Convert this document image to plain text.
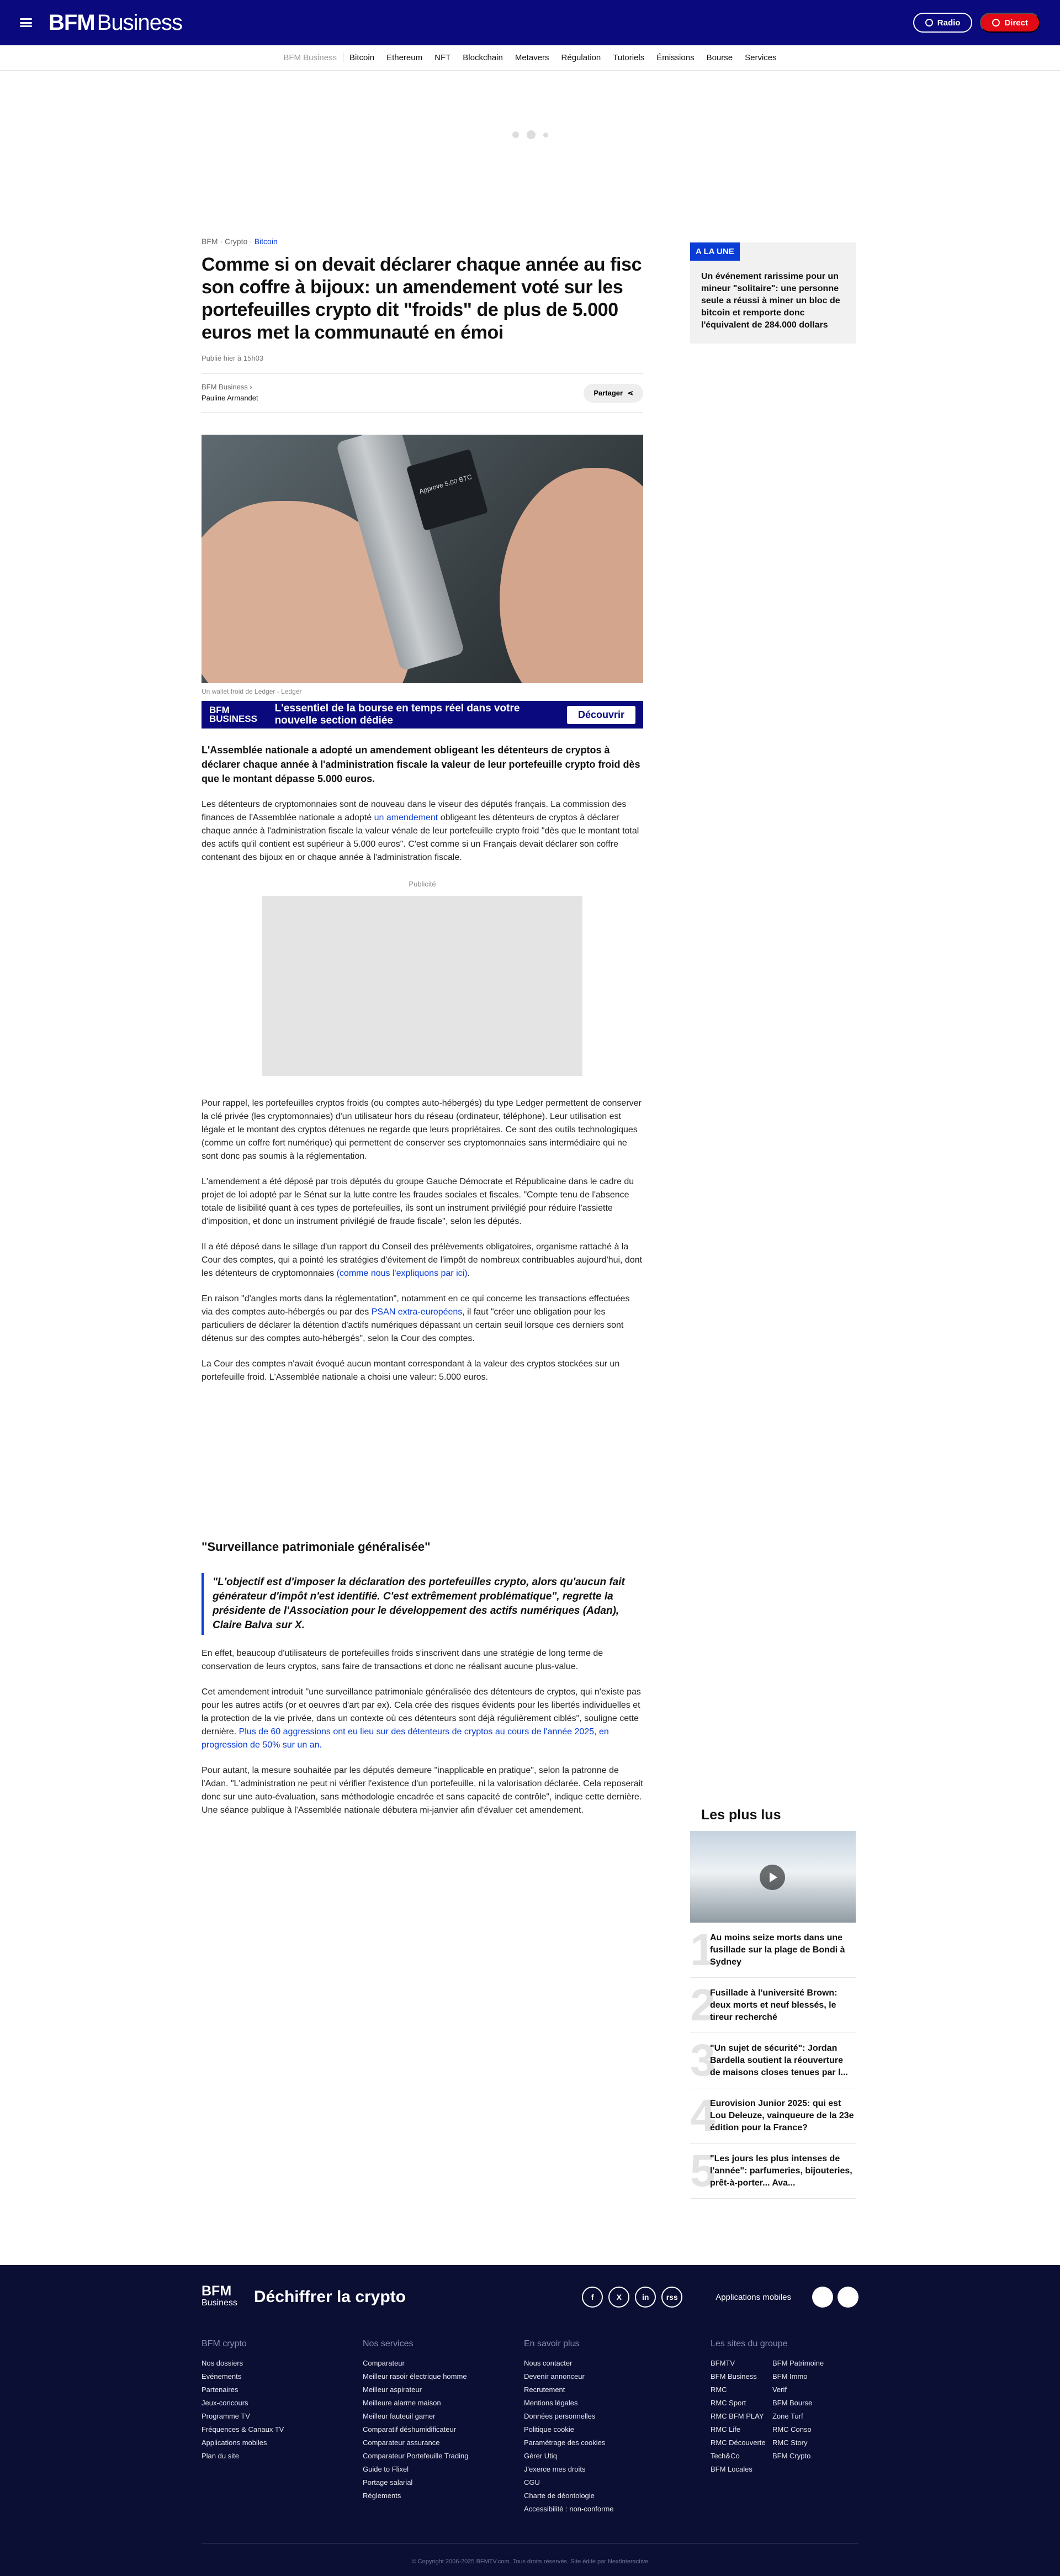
BFM Business	Radio	Direct
BFM Business	Bitcoin	Ethereum	NFT	Blockchain	Metavers	Régulation	Tutoriels	Émissions	Bourse	Services
BFM · Crypto · Bitcoin
Comme si on devait déclarer chaque année au fisc son coffre à bijoux: un amendement voté sur les portefeuilles crypto dit "froids" de plus de 5.000 euros met la communauté en émoi
Publié hier à 15h03
BFM Business ›
Pauline Armandet
Partager ⋖
Approve 5.00 BTC
Un wallet froid de Ledger - Ledger
BFM BUSINESS
L'essentiel de la bourse en temps réel dans votre nouvelle section dédiée
Découvrir

L'Assemblée nationale a adopté un amendement obligeant les détenteurs de cryptos à déclarer chaque année à l'administration fiscale la valeur de leur portefeuille crypto froid dès que le montant dépasse 5.000 euros.

Les détenteurs de cryptomonnaies sont de nouveau dans le viseur des députés français. La commission des finances de l'Assemblée nationale a adopté un amendement obligeant les détenteurs de cryptos à déclarer chaque année à l'administration fiscale la valeur vénale de leur portefeuille crypto froid "dès que le montant total des actifs qu'il contient est supérieur à 5.000 euros". C'est comme si un Français devait déclarer son coffre contenant des bijoux en or chaque année à l'administration fiscale.

Publicité

Pour rappel, les portefeuilles cryptos froids (ou comptes auto-hébergés) du type Ledger permettent de conserver la clé privée (les cryptomonnaies) d'un utilisateur hors du réseau (ordinateur, téléphone). Leur utilisation est légale et le montant des cryptos détenues ne regarde que leurs propriétaires. Ce sont des outils technologiques (comme un coffre fort numérique) qui permettent de conserver ses cryptomonnaies sans intermédiaire qui ne sont donc pas soumis à la réglementation.

L'amendement a été déposé par trois députés du groupe Gauche Démocrate et Républicaine dans le cadre du projet de loi adopté par le Sénat sur la lutte contre les fraudes sociales et fiscales. "Compte tenu de l'absence totale de lisibilité quant à ces types de portefeuilles, ils sont un instrument privilégié pour réduire l'assiette d'imposition, et donc un instrument privilégié de fraude fiscale", selon les députés.

Il a été déposé dans le sillage d'un rapport du Conseil des prélèvements obligatoires, organisme rattaché à la Cour des comptes, qui a pointé les stratégies d'évitement de l'impôt de nombreux contribuables aujourd'hui, dont les détenteurs de cryptomonnaies (comme nous l'expliquons par ici).

En raison "d'angles morts dans la réglementation", notamment en ce qui concerne les transactions effectuées via des comptes auto-hébergés ou par des PSAN extra-européens, il faut "créer une obligation pour les particuliers de déclarer la détention d'actifs numériques dépassant un certain seuil lorsque ces derniers sont détenus sur des comptes auto-hébergés", selon la Cour des comptes.

La Cour des comptes n'avait évoqué aucun montant correspondant à la valeur des cryptos stockées sur un portefeuille froid. L'Assemblée nationale a choisi une valeur: 5.000 euros.

"Surveillance patrimoniale généralisée"
"L'objectif est d'imposer la déclaration des portefeuilles crypto, alors qu'aucun fait générateur d'impôt n'est identifié. C'est extrêmement problématique", regrette la présidente de l'Association pour le développement des actifs numériques (Adan), Claire Balva sur X.

En effet, beaucoup d'utilisateurs de portefeuilles froids s'inscrivent dans une stratégie de long terme de conservation de leurs cryptos, sans faire de transactions et donc ne réalisant aucune plus-value.

Cet amendement introduit "une surveillance patrimoniale généralisée des détenteurs de cryptos, qui n'existe pas pour les autres actifs (or et oeuvres d'art par ex). Cela crée des risques évidents pour les libertés individuelles et la protection de la vie privée, dans un contexte où ces détenteurs sont déjà régulièrement ciblés", souligne cette dernière. Plus de 60 aggressions ont eu lieu sur des détenteurs de cryptos au cours de l'année 2025, en progression de 50% sur un an.

Pour autant, la mesure souhaitée par les députés demeure "inapplicable en pratique", selon la patronne de l'Adan. "L'administration ne peut ni vérifier l'existence d'un portefeuille, ni la valorisation déclarée. Cela reposerait donc sur une auto-évaluation, sans méthodologie encadrée et sans capacité de contrôle", indique cette dernière. Une séance publique à l'Assemblée nationale débutera mi-janvier afin d'évaluer cet amendement.

A LA UNE

Un événement rarissime pour un mineur "solitaire": une personne seule a réussi à miner un bloc de bitcoin et remporte donc l'équivalent de 284.000 dollars

Les plus lus
1
Au moins seize morts dans une fusillade sur la plage de Bondi à Sydney
2
Fusillade à l'université Brown: deux morts et neuf blessés, le tireur recherché
3
"Un sujet de sécurité": Jordan Bardella soutient la réouverture de maisons closes tenues par l...
4
Eurovision Junior 2025: qui est Lou Deleuze, vainqueure de la 23e édition pour la France?
5
"Les jours les plus intenses de l'année": parfumeries, bijouteries, prêt-à-porter... Ava...
BFM
Business Déchiffrer la crypto	f	X	in	rss	Applications mobiles
BFM crypto
Nos dossiers
Evénements
Partenaires
Jeux-concours
Programme TV
Fréquences & Canaux TV
Applications mobiles
Plan du site
Nos services
Comparateur
Meilleur rasoir électrique homme
Meilleur aspirateur
Meilleure alarme maison
Meilleur fauteuil gamer
Comparatif déshumidificateur
Comparateur assurance
Comparateur Portefeuille Trading
Guide to Flixel
Portage salarial
Réglements
En savoir plus
Nous contacter
Devenir annonceur
Recrutement
Mentions légales
Données personnelles
Politique cookie
Paramétrage des cookies
Gérer Utiq
J'exerce mes droits
CGU
Charte de déontologie
Accessibilité : non-conforme
Les sites du groupe
BFMTV
BFM Business
RMC
RMC Sport
RMC BFM PLAY
RMC Life
RMC Découverte
Tech&Co
BFM Locales
BFM Patrimoine
BFM Immo
Verif
BFM Bourse
Zone Turf
RMC Conso
RMC Story
BFM Crypto
© Copyright 2006-2025 BFMTV.com. Tous droits réservés. Site édité par NextInteractive
